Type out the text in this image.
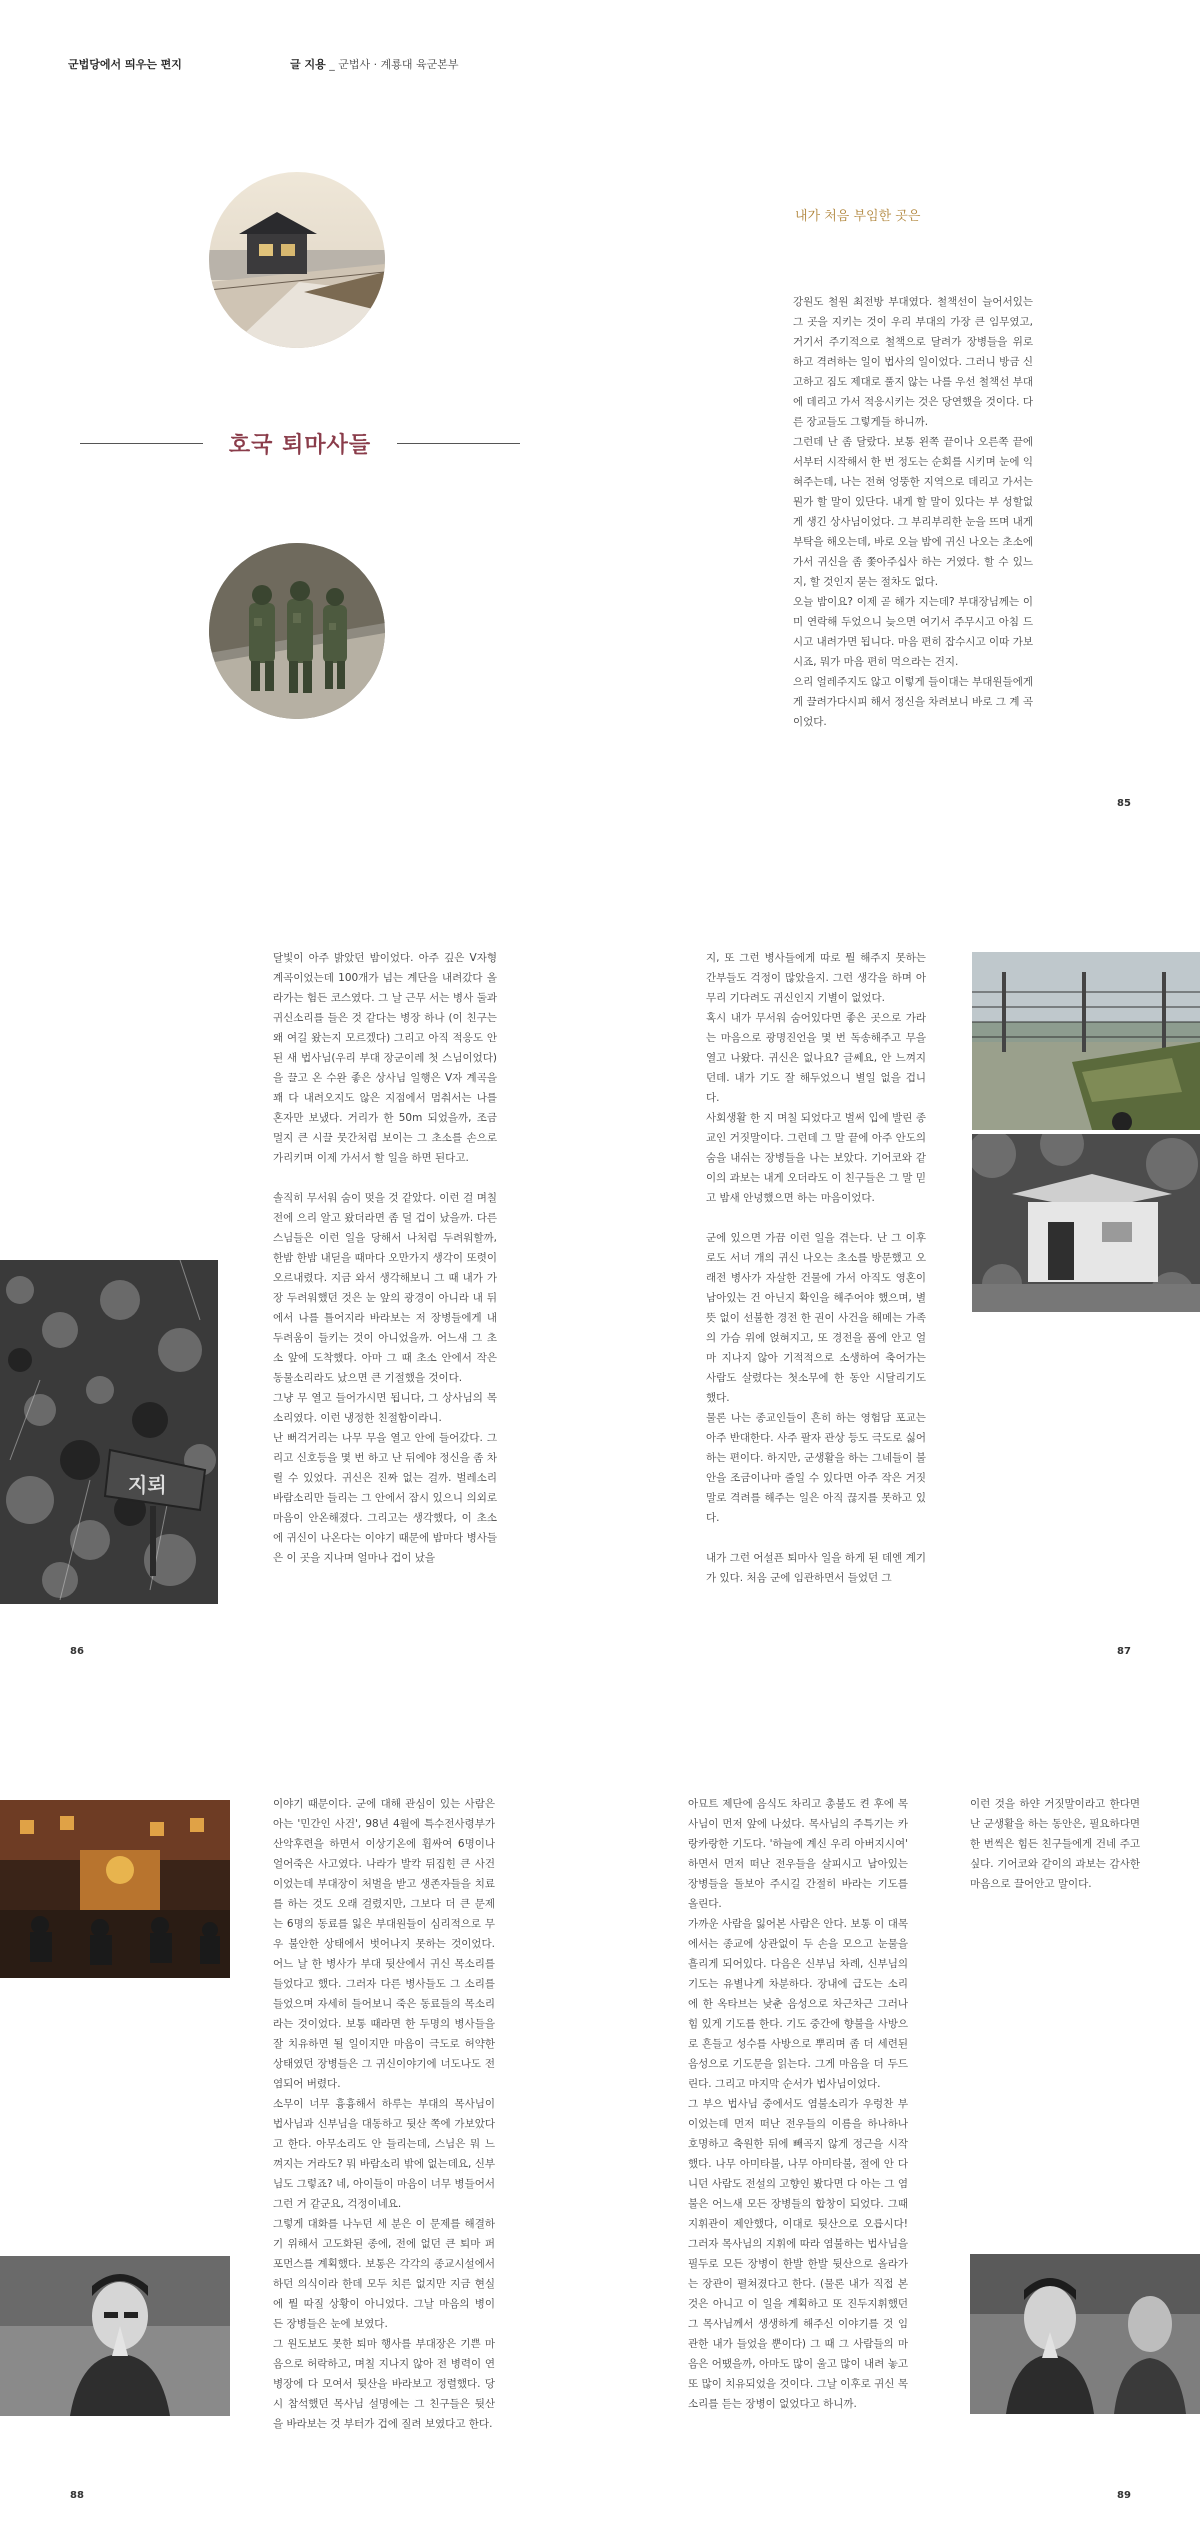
군법당에서 띄우는 편지	글 지용 _ 군법사 · 계룡대 육군본부
호국 퇴마사들
내가 처음 부임한 곳은

강원도 철원 최전방 부대였다. 철책선이 늘어서있는 그 곳을 지키는 것이 우리 부대의 가장 큰 임무였고, 거기서 주기적으로 철책으로 달려가 장병들을 위로 하고 격려하는 일이 법사의 일이었다. 그러니 방금 신고하고 짐도 제대로 풀지 않는 나를 우선 철책선 부대에 데리고 가서 적응시키는 것은 당연했을 것이다. 다른 장교들도 그렇게들 하니까.

그런데 난 좀 달랐다. 보통 왼쪽 끝이나 오른쪽 끝에서부터 시작해서 한 번 정도는 순회를 시키며 눈에 익혀주는데, 나는 전혀 엉뚱한 지역으로 데리고 가서는 뭔가 할 말이 있단다. 내게 할 말이 있다는 부 성할없게 생긴 상사님이었다. 그 부리부리한 눈을 뜨며 내게 부탁을 해오는데, 바로 오늘 밤에 귀신 나오는 초소에 가서 귀신을 좀 쫓아주십사 하는 거였다. 할 수 있느지, 할 것인지 묻는 절차도 없다.

오늘 밤이요? 이제 곧 해가 지는데? 부대장님께는 이미 연락해 두었으니 늦으면 여기서 주무시고 아침 드시고 내려가면 됩니다. 마음 편히 잡수시고 이따 가보시죠, 뭐가 마음 편히 먹으라는 건지.

으리 얼레주지도 않고 이렇게 들이대는 부대원들에게 게 끌려가다시피 해서 정신을 차려보니 바로 그 계 곡이었다.

85

달빛이 아주 밝았던 밤이었다. 아주 깊은 V자형 계곡이었는데 100개가 넘는 계단을 내려갔다 올라가는 험든 코스였다. 그 날 근무 서는 병사 둘과 귀신소리를 들은 것 같다는 병장 하나 (이 친구는 왜 여길 왔는지 모르겠다) 그리고 아직 적응도 안된 새 법사님(우리 부대 장군이레 첫 스님이었다)을 끌고 온 수완 좋은 상사님 일행은 V자 계곡을 꽤 다 내려오지도 않은 지점에서 멈춰서는 나를 혼자만 보냈다. 거리가 한 50m 되었을까, 조금 멀지 큰 시끌 뭇간처럼 보이는 그 초소를 손으로 가리키며 이제 가서서 할 일을 하면 된다고.

솔직히 무서워 숨이 멎을 것 같았다. 이런 걸 며칠 전에 으리 알고 왔더라면 좀 덜 겁이 났을까. 다른 스님들은 이런 일을 당해서 나처럼 두려워할까, 한밤 한밤 내딛을 때마다 오만가지 생각이 또렷이 오르내렸다. 지금 와서 생각해보니 그 때 내가 가장 두려워했던 것은 눈 앞의 광경이 아니라 내 뒤에서 나를 틀어지라 바라보는 저 장병들에게 내 두려움이 들키는 것이 아니었을까. 어느새 그 초소 앞에 도착했다. 아마 그 때 초소 안에서 작은 동물소리라도 났으면 큰 기절했을 것이다.

그냥 무 열고 들어가시면 됩니다, 그 상사님의 목소리였다. 이런 냉정한 친절함이라니.

난 뻐걱거리는 나무 무을 열고 안에 들어갔다. 그리고 신호등을 몇 번 하고 난 뒤에야 정신을 좀 차릴 수 있었다. 귀신은 진짜 없는 걸까. 벌레소리 바람소리만 들리는 그 안에서 잠시 있으니 의외로 마음이 안온해졌다. 그리고는 생각했다, 이 초소에 귀신이 나온다는 이야기 때문에 밤마다 병사들은 이 곳을 지나며 얼마나 겁이 났을

지뢰
86

지, 또 그런 병사들에게 따로 뭘 해주지 못하는 간부들도 걱정이 많았을지. 그런 생각을 하며 아무리 기다려도 귀신인지 기별이 없었다.

혹시 내가 무서워 숨어있다면 좋은 곳으로 가라는 마음으로 광명진언을 몇 번 독송해주고 무을 열고 나왔다. 귀신은 없나요? 글쎄요, 안 느껴지던데. 내가 기도 잘 해두었으니 별일 없을 겁니다.

사회생활 한 지 며칠 되었다고 벌써 입에 발린 종교인 거짓말이다. 그런데 그 말 끝에 아주 안도의 숨을 내쉬는 장병들을 나는 보았다. 기어코와 같이의 과보는 내게 오더라도 이 친구들은 그 말 믿고 밤새 안녕했으면 하는 마음이었다.

군에 있으면 가끔 이런 일을 겪는다. 난 그 이후로도 서너 개의 귀신 나오는 초소를 방문했고 오래전 병사가 자살한 건물에 가서 아직도 영혼이 남아있는 건 아닌지 확인을 해주어야 했으며, 별 뜻 없이 선불한 경전 한 권이 사건을 해메는 가족의 가슴 위에 얹혀지고, 또 경전을 품에 안고 얼마 지나지 않아 기적적으로 소생하여 축어가는 사람도 살렸다는 첫소무에 한 동안 시달리기도 했다.

물론 나는 종교인들이 흔히 하는 영험담 포교는 아주 반대한다. 사주 팔자 관상 등도 극도로 싫어하는 편이다. 하지만, 군생활을 하는 그네들이 불안을 조금이나마 줄일 수 있다면 아주 작은 거짓말로 격려를 해주는 일은 아직 끊지를 못하고 있다.

내가 그런 어설픈 퇴마사 일을 하게 된 데엔 계기가 있다. 처음 군에 임관하면서 들었던 그

87

이야기 때문이다. 군에 대해 관심이 있는 사람은 아는 '민간인 사건', 98년 4월에 특수전사령부가 산악후련을 하면서 이상기온에 휩싸여 6명이나 얼어죽은 사고였다. 나라가 발칵 뒤집힌 큰 사건이었는데 부대장이 처벌을 받고 생존자들을 치료를 하는 것도 오래 걸렸지만, 그보다 더 큰 문제는 6명의 동료를 잃은 부대원들이 심리적으로 무우 불안한 상태에서 벗어나지 못하는 것이었다. 어느 날 한 병사가 부대 뒷산에서 귀신 목소리를 들었다고 했다. 그러자 다른 병사들도 그 소리를 들었으며 자세히 들어보니 죽은 동료들의 목소리라는 것이었다. 보통 때라면 한 두명의 병사들을 잘 치유하면 될 일이지만 마음이 극도로 허약한 상태였던 장병들은 그 귀신이야기에 너도나도 전염되어 버렸다.

소무이 너무 흉흉해서 하루는 부대의 목사님이 법사님과 신부님을 대동하고 뒷산 쪽에 가보았다고 한다. 아무소리도 안 들리는데, 스님은 뭐 느껴지는 거라도? 뭐 바람소리 밖에 없는데요, 신부님도 그렇죠? 네, 아이들이 마음이 너무 병들어서 그런 거 같군요, 걱정이네요.

그렇게 대화를 나누던 세 분은 이 문제를 해결하기 위해서 고도화된 종에, 전에 없던 큰 퇴마 퍼포먼스를 계획했다. 보통은 각각의 종교시설에서 하던 의식이라 한데 모두 치른 없지만 지금 현실에 뭘 따질 상황이 아니었다. 그날 마음의 병이 든 장병들은 눈에 보였다.

그 원도보도 못한 퇴마 행사를 부대장은 기쁜 마음으로 허락하고, 며칠 지나지 않아 전 병력이 연병장에 다 모여서 뒷산을 바라보고 정렬했다. 당시 참석했던 목사님 설명에는 그 친구들은 뒷산을 바라보는 것 부터가 겁에 질려 보였다고 한다.

88

아묘트 제단에 음식도 차리고 총불도 켠 후에 목사님이 먼저 앞에 나섰다. 목사님의 주특기는 카랑카랑한 기도다. '하늘에 계신 우리 아버지시여' 하면서 먼저 떠난 전우들을 살피시고 남아있는 장병들을 돌보아 주시길 간절히 바라는 기도를 올린다.

가까운 사람을 잃어본 사람은 안다. 보통 이 대목에서는 종교에 상관없이 두 손을 모으고 눈물을 흘리게 되어있다. 다음은 신부님 차례, 신부님의 기도는 유별나게 차분하다. 장내에 급도는 소리에 한 옥타브는 낮춘 음성으로 차근차근 그러나 힘 있게 기도를 한다. 기도 중간에 향불을 사방으로 흔들고 성수를 사방으로 뿌리며 좀 더 세련된 음성으로 기도문을 읽는다. 그게 마음을 더 두드린다. 그리고 마지막 순서가 법사님이었다.

그 부으 법사님 중에서도 염불소리가 우렁찬 부이었는데 먼저 떠난 전우들의 이름을 하나하나 호명하고 축원한 뒤에 빼곡지 않게 정근을 시작했다. 나무 아미타불, 나무 아미타불, 절에 안 다니던 사람도 전설의 고향인 봤다면 다 아는 그 염불은 어느새 모든 장병들의 합창이 되었다. 그때 지휘관이 제안했다, 이대로 뒷산으로 오릅시다! 그러자 목사님의 지휘에 따라 염불하는 법사님을 필두로 모든 장병이 한발 한발 뒷산으로 올라가는 장관이 펼쳐졌다고 한다. (물론 내가 직접 본 것은 아니고 이 일을 계획하고 또 진두지휘했던 그 목사님께서 생생하게 해주신 이야기를 것 임관한 내가 들었을 뿐이다) 그 때 그 사람들의 마음은 어땠을까, 아마도 많이 울고 많이 내려 놓고 또 많이 치유되었을 것이다. 그날 이후로 귀신 목소리를 듣는 장병이 없었다고 하니까.

이런 것을 하얀 거짓말이라고 한다면 난 군생활을 하는 동안은, 필요하다면 한 번씩은 힘든 친구들에게 건네 주고 싶다. 기어코와 같이의 과보는 감사한 마음으로 끌어안고 말이다.

89
